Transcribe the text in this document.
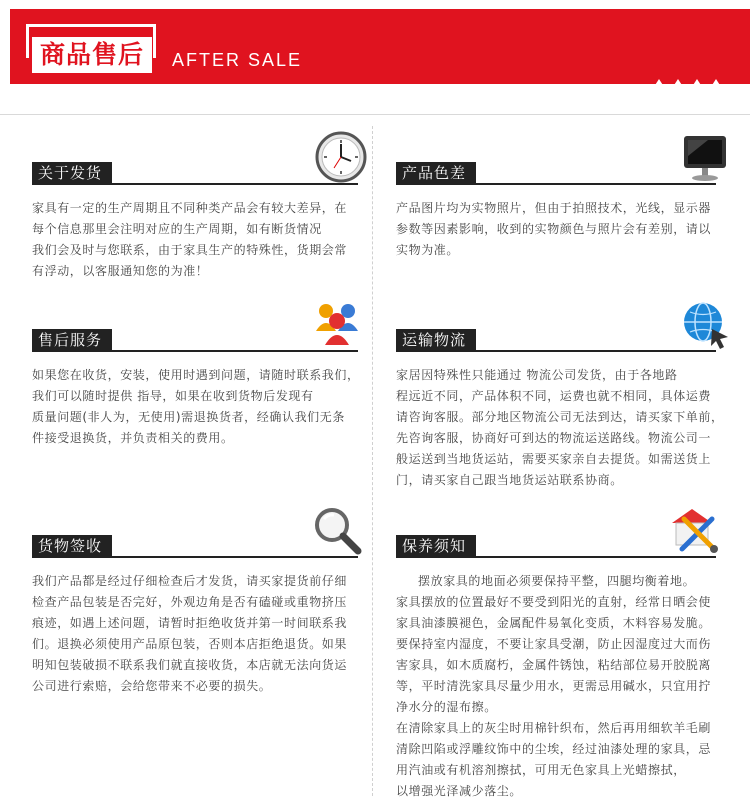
商品售后	AFTER SALE
关于发货

家具有一定的生产周期且不同种类产品会有较大差异，在

每个信息那里会注明对应的生产周期，如有断货情况

我们会及时与您联系，由于家具生产的特殊性，货期会常

有浮动，以客服通知您的为准！

产品色差

产品图片均为实物照片，但由于拍照技术，光线，显示器

参数等因素影响，收到的实物颜色与照片会有差别，请以

实物为准。

售后服务

如果您在收货，安装，使用时遇到问题，请随时联系我们，

我们可以随时提供 指导，如果在收到货物后发现有

质量问题(非人为，无使用)需退换货者，经确认我们无条

件接受退换货，并负责相关的费用。

运输物流

家居因特殊性只能通过 物流公司发货，由于各地路

程远近不同，产品体积不同，运费也就不相同，具体运费

请咨询客服。部分地区物流公司无法到达，请买家下单前，

先咨询客服，协商好可到达的物流运送路线。物流公司一

般运送到当地货运站，需要买家亲自去提货。如需送货上

门，请买家自己跟当地货运站联系协商。

货物签收

我们产品都是经过仔细检查后才发货，请买家提货前仔细

检查产品包装是否完好，外观边角是否有磕碰或重物挤压

痕迹，如遇上述问题，请暂时拒绝收货并第一时间联系我

们。退换必须使用产品原包装，否则本店拒绝退货。如果

明知包装破损不联系我们就直接收货，本店就无法向货运

公司进行索赔，会给您带来不必要的损失。

保养须知

摆放家具的地面必须要保持平整，四腿均衡着地。

家具摆放的位置最好不要受到阳光的直射，经常日晒会使

家具油漆膜褪色，金属配件易氧化变质，木料容易发脆。

要保持室内湿度，不要让家具受潮，防止因湿度过大而伤

害家具，如木质腐朽，金属件锈蚀，粘结部位易开胶脱离

等，平时清洗家具尽量少用水，更需忌用碱水，只宜用拧

净水分的湿布擦。

在清除家具上的灰尘时用棉针织布，然后再用细软羊毛刷

清除凹陷或浮雕纹饰中的尘埃，经过油漆处理的家具，忌

用汽油或有机溶剂擦拭，可用无色家具上光蜡擦拭，

以增强光泽减少落尘。
